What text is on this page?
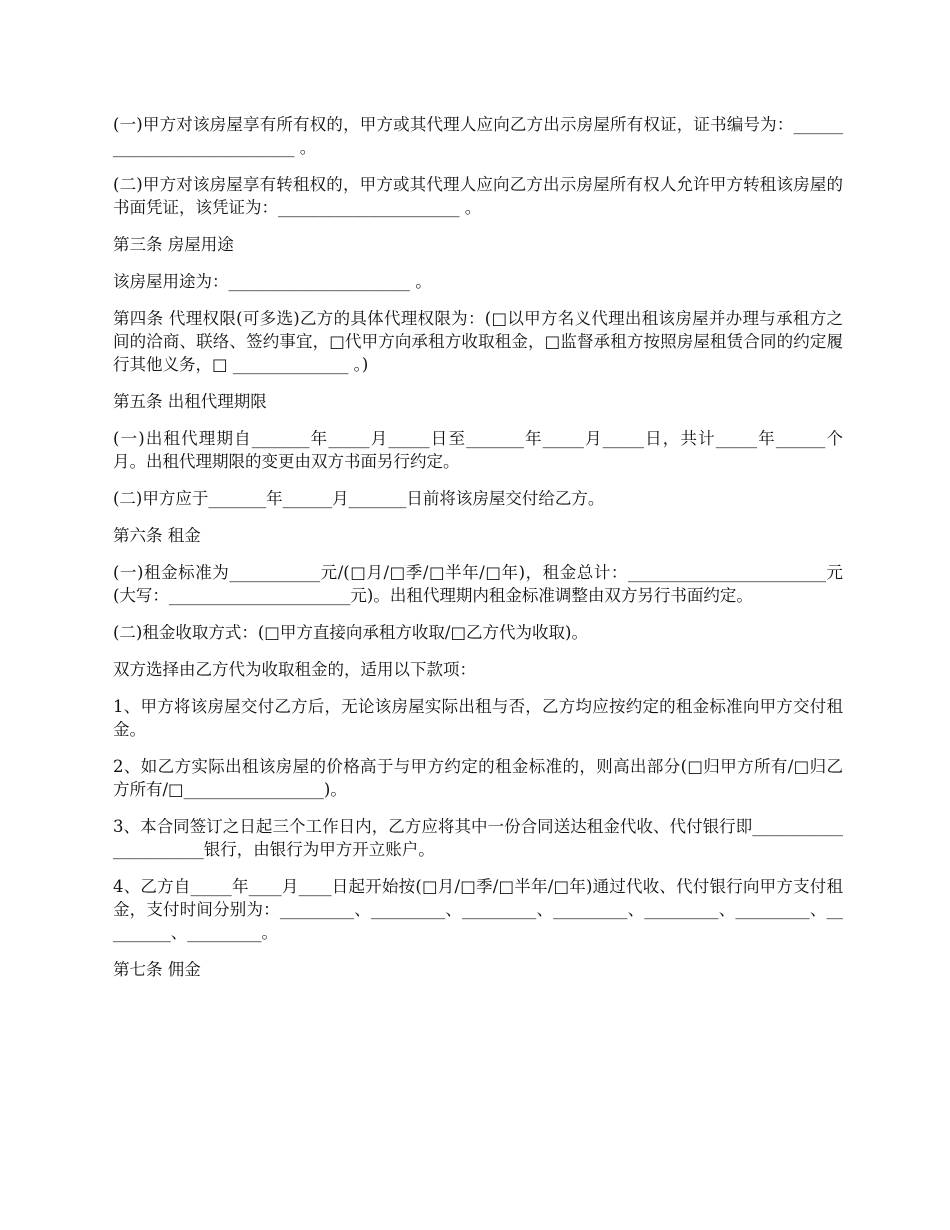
(一)甲方对该房屋享有所有权的，甲方或其代理人应向乙方出示房屋所有权证，证书编号为：____________________________ 。

(二)甲方对该房屋享有转租权的，甲方或其代理人应向乙方出示房屋所有权人允许甲方转租该房屋的书面凭证，该凭证为：______________________ 。

第三条 房屋用途

该房屋用途为：______________________ 。

第四条 代理权限(可多选)乙方的具体代理权限为：(□以甲方名义代理出租该房屋并办理与承租方之间的洽商、联络、签约事宜，□代甲方向承租方收取租金，□监督承租方按照房屋租赁合同的约定履行其他义务，□ ______________ 。)

第五条 出租代理期限

(一)出租代理期自_______年_____月_____日至_______年_____月_____日，共计_____年______个月。出租代理期限的变更由双方书面另行约定。

(二)甲方应于_______年______月_______日前将该房屋交付给乙方。

第六条 租金

(一)租金标准为___________元/(□月/□季/□半年/□年)，租金总计：________________________元(大写：______________________元)。出租代理期内租金标准调整由双方另行书面约定。

(二)租金收取方式：(□甲方直接向承租方收取/□乙方代为收取)。

双方选择由乙方代为收取租金的，适用以下款项：

1、甲方将该房屋交付乙方后，无论该房屋实际出租与否，乙方均应按约定的租金标准向甲方交付租金。

2、如乙方实际出租该房屋的价格高于与甲方约定的租金标准的，则高出部分(□归甲方所有/□归乙方所有/□_________________)。

3、本合同签订之日起三个工作日内，乙方应将其中一份合同送达租金代收、代付银行即______________________银行，由银行为甲方开立账户。

4、乙方自_____年____月____日起开始按(□月/□季/□半年/□年)通过代收、代付银行向甲方支付租金，支付时间分别为：_________、_________、_________、_________、_________、_________、_________、_________。

第七条 佣金
